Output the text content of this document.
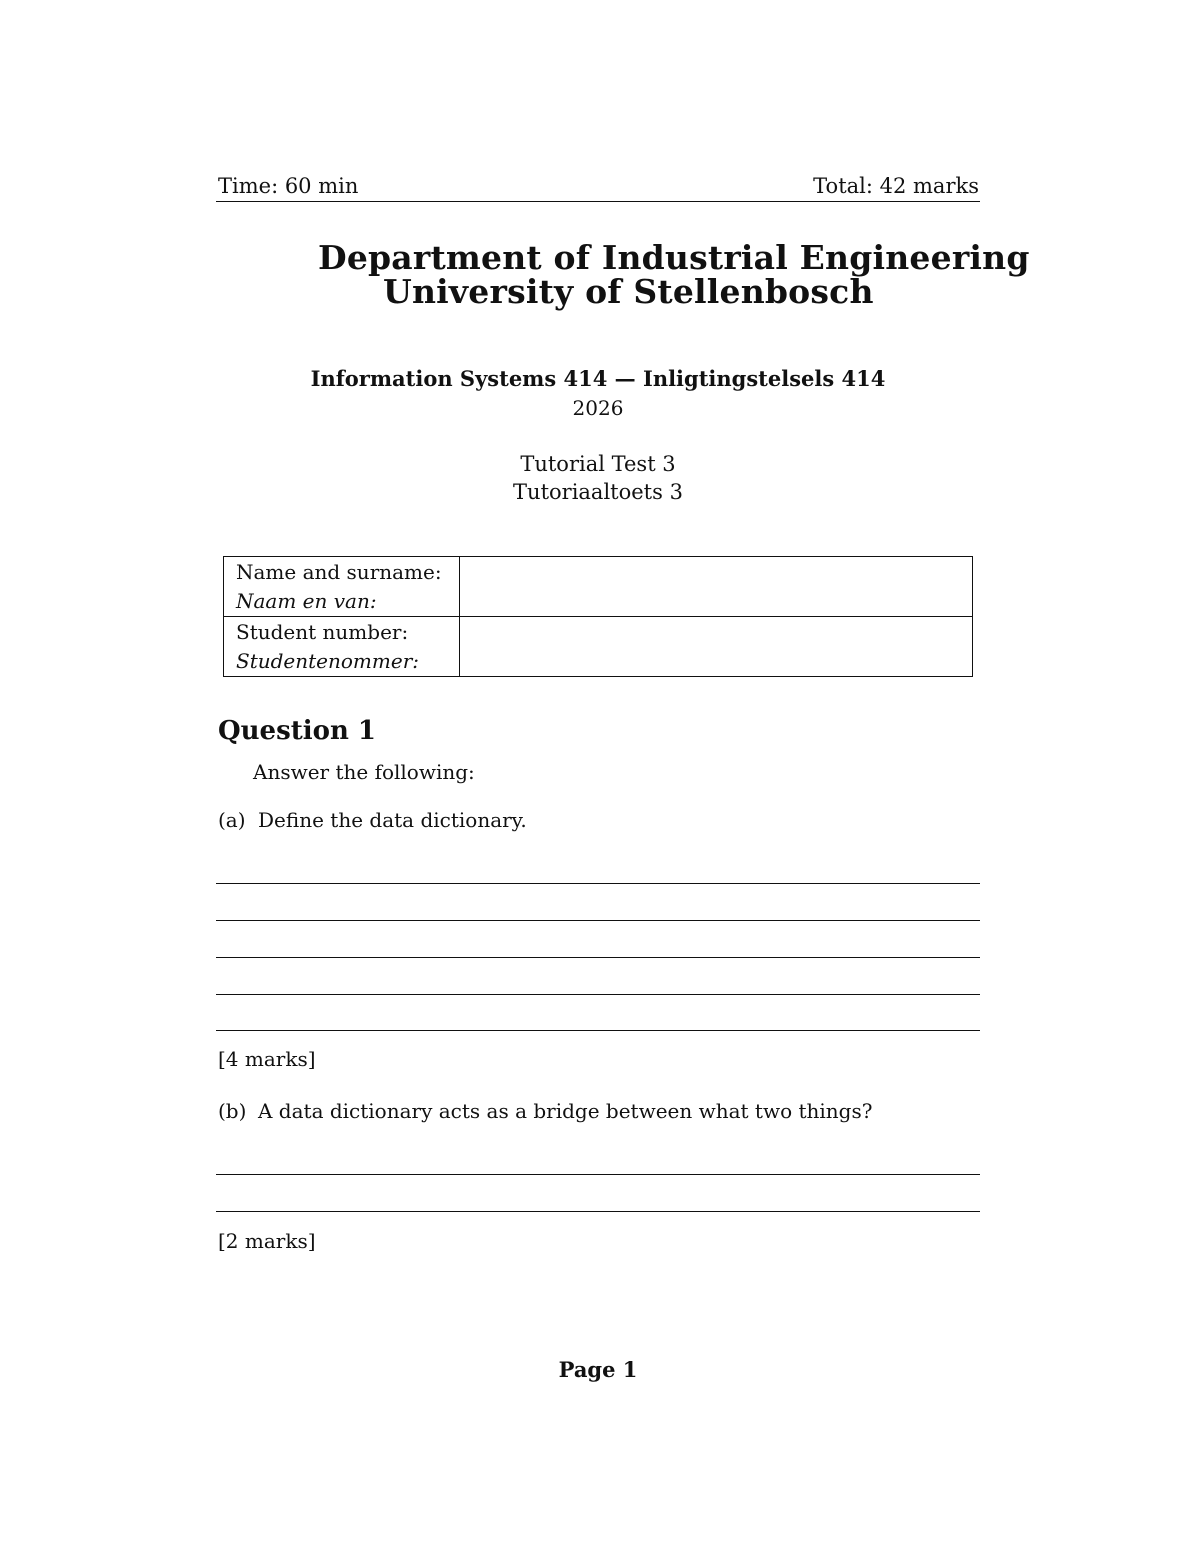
Time: 60 min	Total: 42 marks
Department of Industrial Engineering
University of Stellenbosch
Information Systems 414 — Inligtingstelsels 414
2026
Tutorial Test 3
Tutoriaaltoets 3
Name and surname:
Naam en van:	

Student number:
Studentenommer:	

Question 1
Answer the following:
(a) Define the data dictionary.
[4 marks]
(b) A data dictionary acts as a bridge between what two things?
[2 marks]
Page 1
